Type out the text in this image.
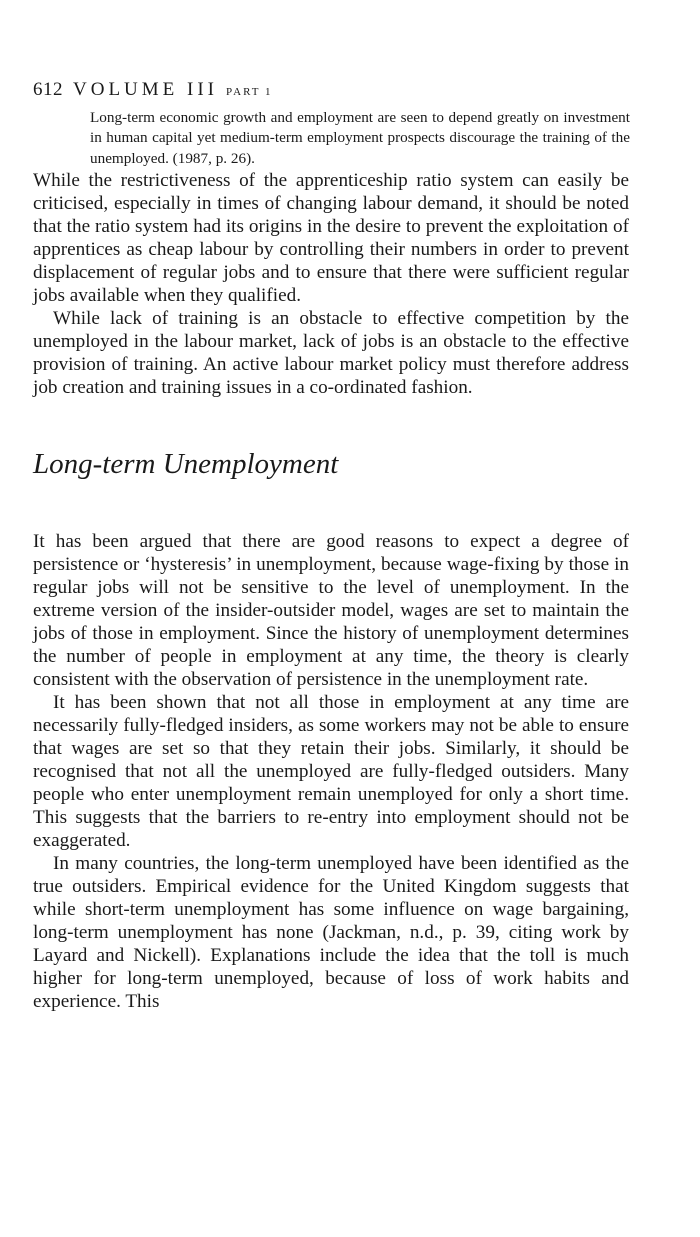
612 VOLUME III PART 1

Long-term economic growth and employment are seen to depend greatly on investment in human capital yet medium-term employment prospects discourage the training of the unemployed. (1987, p. 26).

While the restrictiveness of the apprenticeship ratio system can easily be criticised, especially in times of changing labour demand, it should be noted that the ratio system had its origins in the desire to prevent the exploitation of apprentices as cheap labour by controlling their numbers in order to prevent displacement of regular jobs and to ensure that there were sufficient regular jobs available when they qualified.

While lack of training is an obstacle to effective competition by the unemployed in the labour market, lack of jobs is an obstacle to the effective provision of training. An active labour market policy must therefore address job creation and training issues in a co-ordinated fashion.

Long-term Unemployment

It has been argued that there are good reasons to expect a degree of persistence or ‘hysteresis’ in unemployment, because wage-fixing by those in regular jobs will not be sensitive to the level of unemployment. In the extreme version of the insider-outsider model, wages are set to maintain the jobs of those in employment. Since the history of unemployment determines the number of people in employment at any time, the theory is clearly consistent with the observation of persistence in the unemployment rate.

It has been shown that not all those in employment at any time are necessarily fully-fledged insiders, as some workers may not be able to ensure that wages are set so that they retain their jobs. Similarly, it should be recognised that not all the unemployed are fully-fledged outsiders. Many people who enter unemployment remain unemployed for only a short time. This suggests that the barriers to re-entry into employment should not be exaggerated.

In many countries, the long-term unemployed have been identified as the true outsiders. Empirical evidence for the United Kingdom suggests that while short-term unemployment has some influence on wage bargaining, long-term unemployment has none (Jackman, n.d., p. 39, citing work by Layard and Nickell). Explanations include the idea that the toll is much higher for long-term unemployed, because of loss of work habits and experience. This
